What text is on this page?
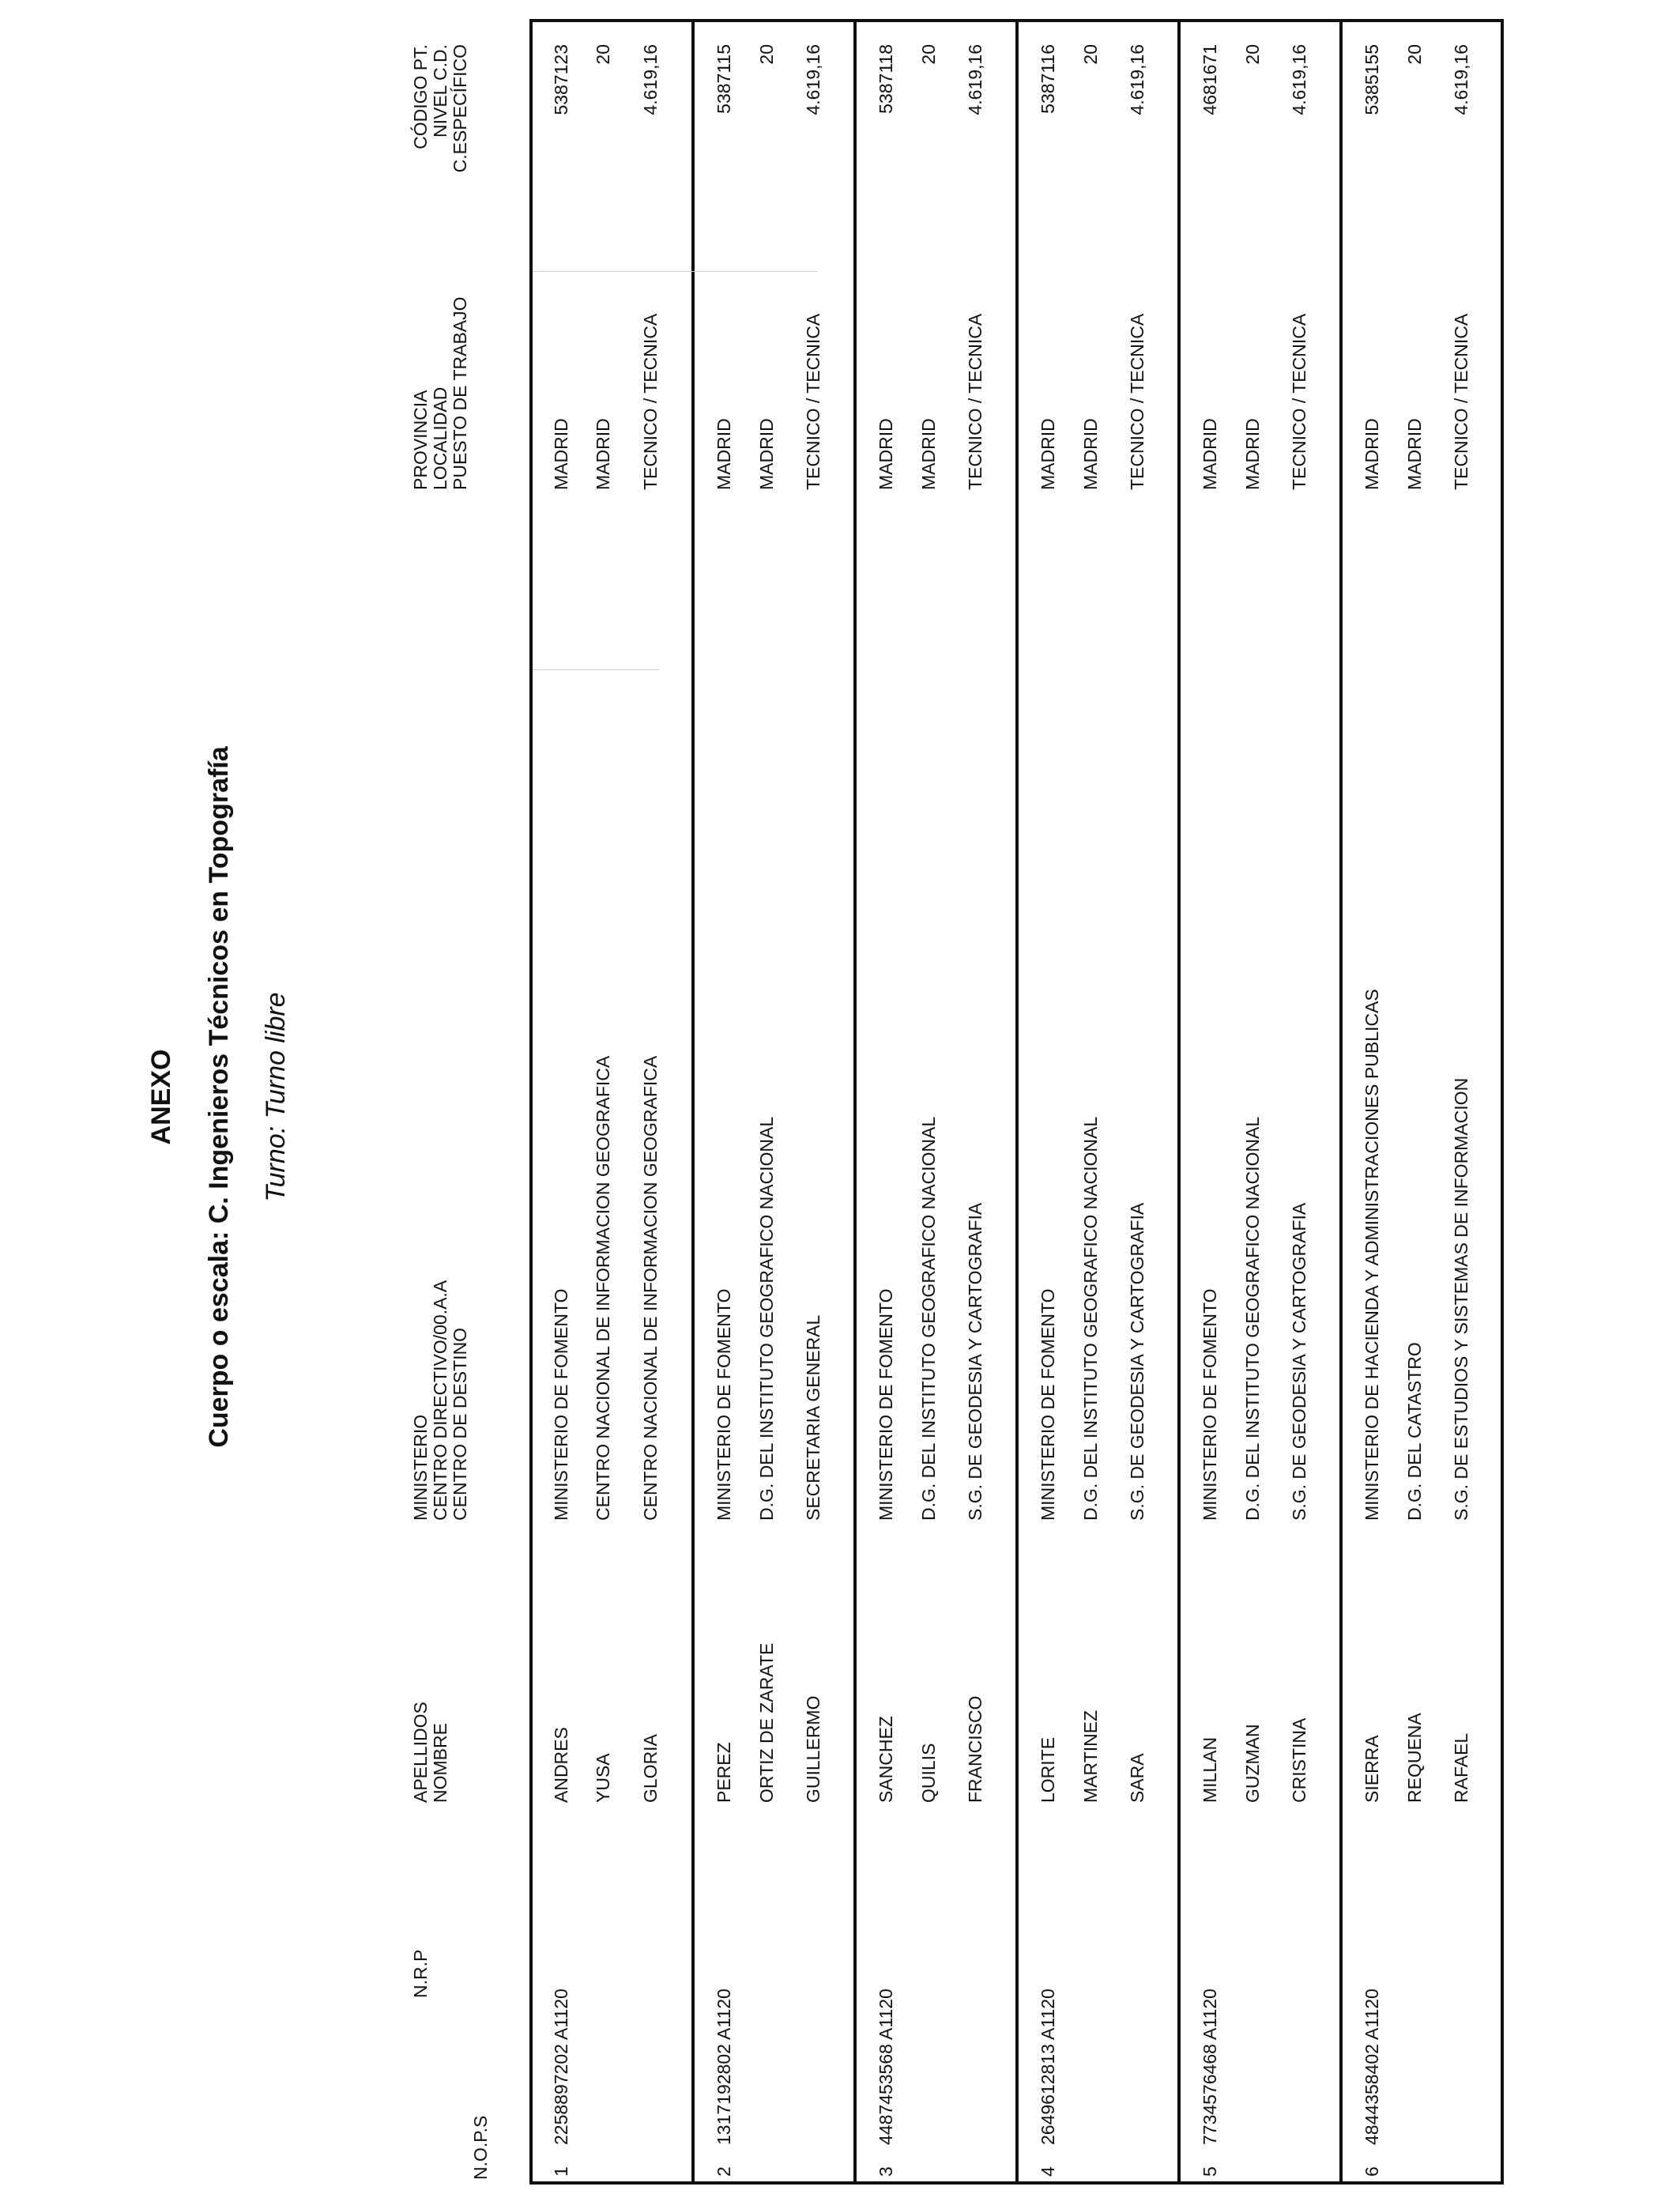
ANEXO Cuerpo o escala: C. Ingenieros Técnicos en Topografía Turno: Turno libre
N.O.P.S
N.R.P
APELLIDOS NOMBRE
MINISTERIO CENTRO DIRECTIVO/00.A.A CENTRO DE DESTINO
PROVINCIA LOCALIDAD PUESTO DE TRABAJO
CÓDIGO PT. NIVEL C.D. C.ESPECÍFICO
1
2258897202 A1120
ANDRES YUSA GLORIA
MINISTERIO DE FOMENTO CENTRO NACIONAL DE INFORMACION GEOGRAFICA CENTRO NACIONAL DE INFORMACION GEOGRAFICA
MADRID MADRID TECNICO / TECNICA
5387123 20 4.619,16
2
1317192802 A1120
PEREZ ORTIZ DE ZARATE GUILLERMO
MINISTERIO DE FOMENTO D.G. DEL INSTITUTO GEOGRAFICO NACIONAL SECRETARIA GENERAL
MADRID MADRID TECNICO / TECNICA
5387115 20 4.619,16
3
4487453568 A1120
SANCHEZ QUILIS FRANCISCO
MINISTERIO DE FOMENTO D.G. DEL INSTITUTO GEOGRAFICO NACIONAL S.G. DE GEODESIA Y CARTOGRAFIA
MADRID MADRID TECNICO / TECNICA
5387118 20 4.619,16
4
2649612813 A1120
LORITE MARTINEZ SARA
MINISTERIO DE FOMENTO D.G. DEL INSTITUTO GEOGRAFICO NACIONAL S.G. DE GEODESIA Y CARTOGRAFIA
MADRID MADRID TECNICO / TECNICA
5387116 20 4.619,16
5
7734576468 A1120
MILLAN GUZMAN CRISTINA
MINISTERIO DE FOMENTO D.G. DEL INSTITUTO GEOGRAFICO NACIONAL S.G. DE GEODESIA Y CARTOGRAFIA
MADRID MADRID TECNICO / TECNICA
4681671 20 4.619,16
6
4844358402 A1120
SIERRA REQUENA RAFAEL
MINISTERIO DE HACIENDA Y ADMINISTRACIONES PUBLICAS D.G. DEL CATASTRO S.G. DE ESTUDIOS Y SISTEMAS DE INFORMACION
MADRID MADRID TECNICO / TECNICA
5385155 20 4.619,16
